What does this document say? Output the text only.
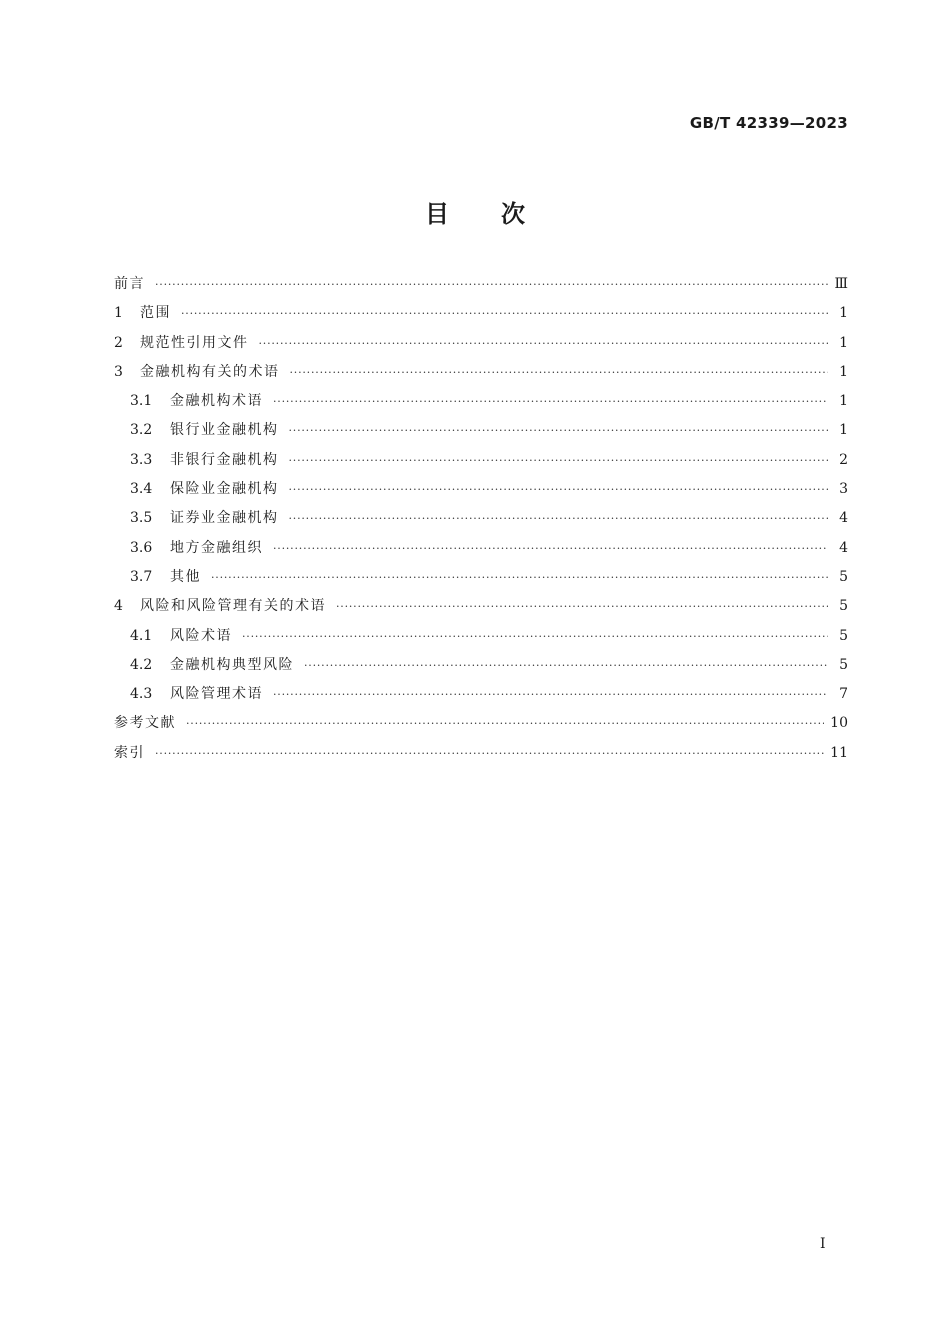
GB/T 42339—2023
目次
前言 ·····	Ⅲ
1	范围 ·····	1
2	规范性引用文件 ·····	1
3	金融机构有关的术语 ·····	1
3.1	金融机构术语 ·····	1
3.2	银行业金融机构 ·····	1
3.3	非银行金融机构 ·····	2
3.4	保险业金融机构 ·····	3
3.5	证券业金融机构 ·····	4
3.6	地方金融组织 ·····	4
3.7	其他 ·····	5
4	风险和风险管理有关的术语 ·····	5
4.1	风险术语 ·····	5
4.2	金融机构典型风险 ·····	5
4.3	风险管理术语 ·····	7
参考文献 ·····	10
索引 ·····	11
I
